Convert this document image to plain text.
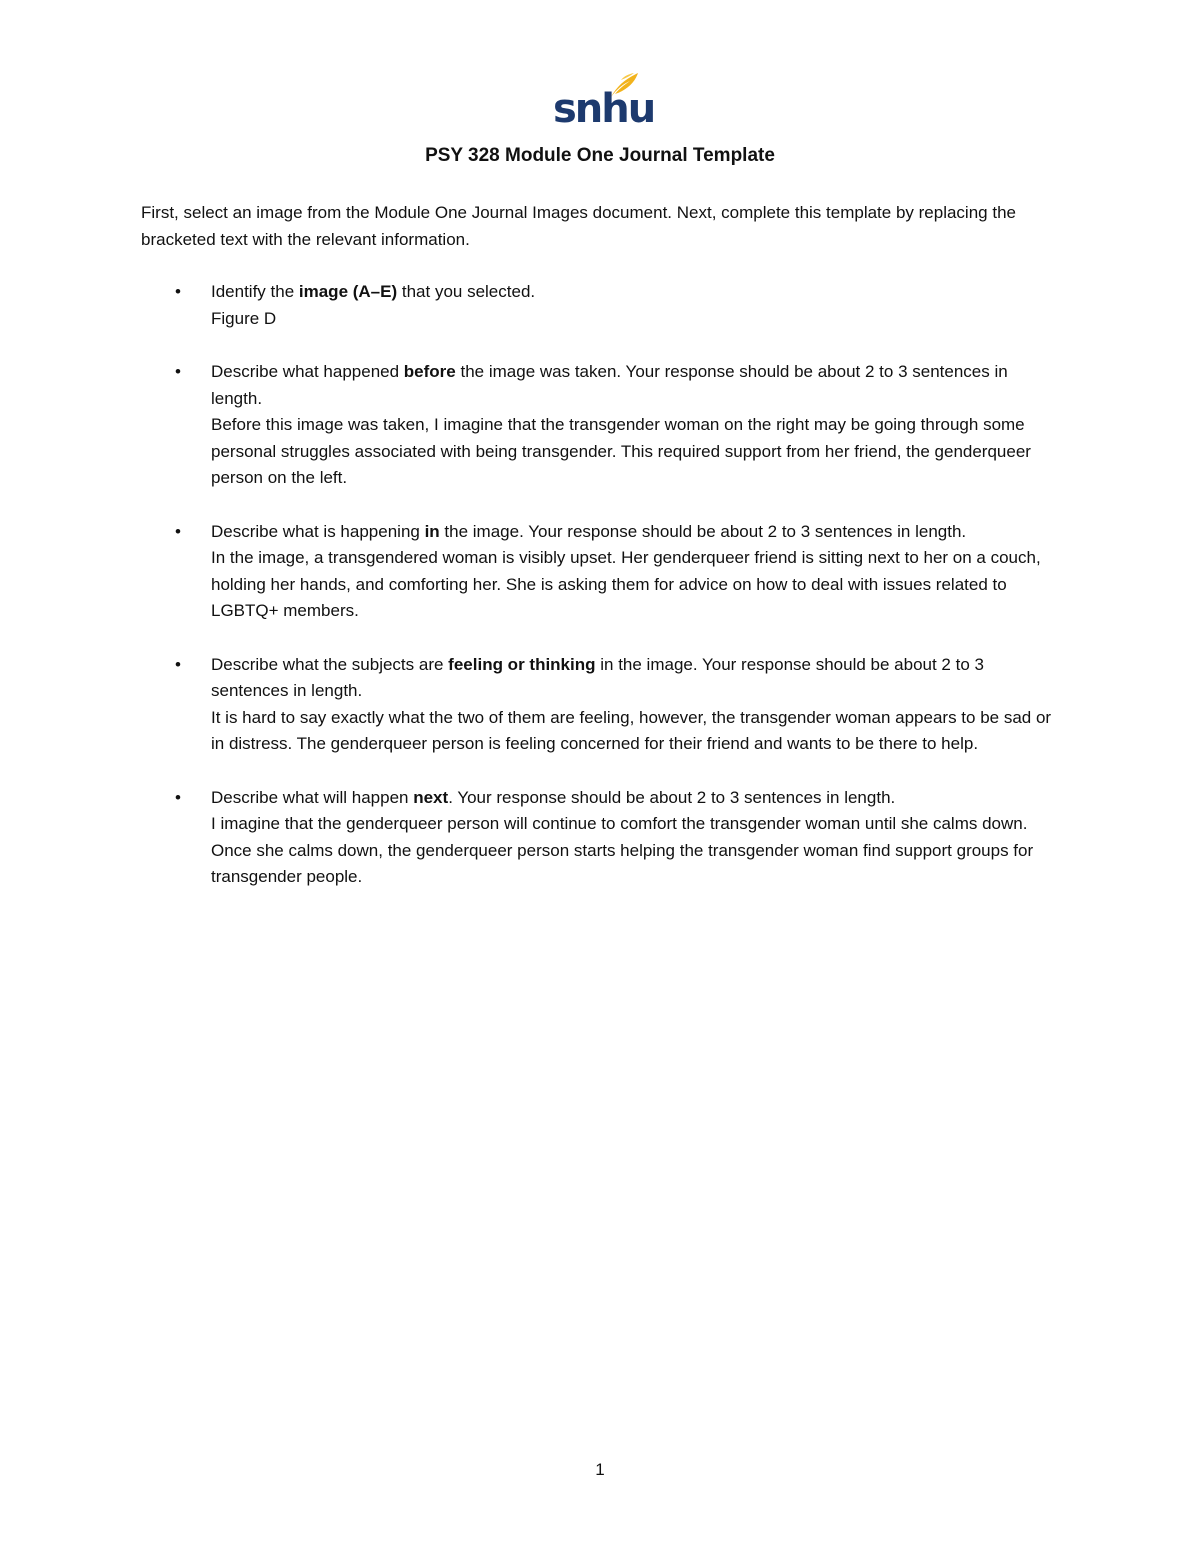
snhu
PSY 328 Module One Journal Template

First, select an image from the Module One Journal Images document. Next, complete this template by replacing the bracketed text with the relevant information.

• Identify the image (A–E) that you selected.

Figure D

• Describe what happened before the image was taken. Your response should be about 2 to 3 sentences in length.

Before this image was taken, I imagine that the transgender woman on the right may be going through some personal struggles associated with being transgender. This required support from her friend, the genderqueer person on the left.

• Describe what is happening in the image. Your response should be about 2 to 3 sentences in length.

In the image, a transgendered woman is visibly upset. Her genderqueer friend is sitting next to her on a couch, holding her hands, and comforting her. She is asking them for advice on how to deal with issues related to LGBTQ+ members.

• Describe what the subjects are feeling or thinking in the image. Your response should be about 2 to 3 sentences in length.

It is hard to say exactly what the two of them are feeling, however, the transgender woman appears to be sad or in distress. The genderqueer person is feeling concerned for their friend and wants to be there to help.

• Describe what will happen next. Your response should be about 2 to 3 sentences in length.

I imagine that the genderqueer person will continue to comfort the transgender woman until she calms down. Once she calms down, the genderqueer person starts helping the transgender woman find support groups for transgender people.

1
